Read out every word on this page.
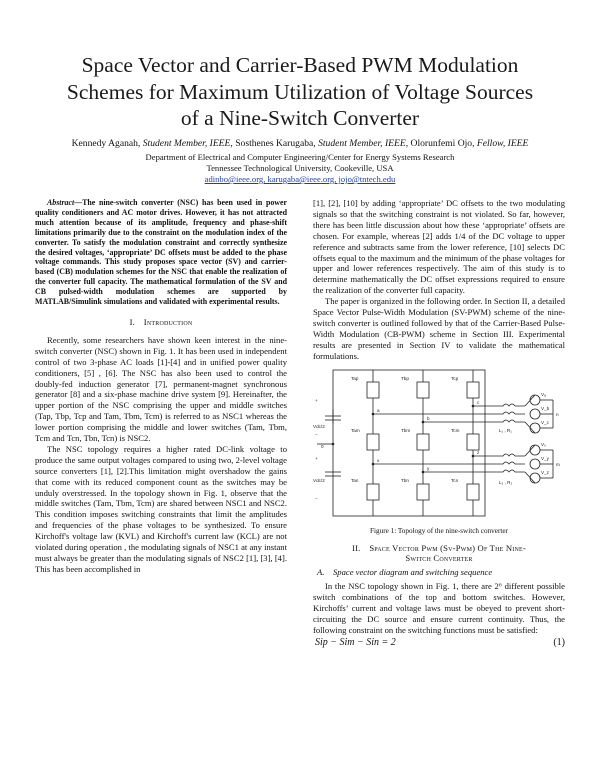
Space Vector and Carrier-Based PWM Modulation
Schemes for Maximum Utilization of Voltage Sources
of a Nine-Switch Converter
Kennedy Aganah, Student Member, IEEE, Sosthenes Karugaba, Student Member, IEEE, Olorunfemi Ojo, Fellow, IEEE
Department of Electrical and Computer Engineering/Center for Energy Systems Research
Tennessee Technological University, Cookeville, USA
adinbo@ieee.org, karugaba@ieee.org, jojo@tntech.edu

Abstract—The nine-switch converter (NSC) has been used in power quality conditioners and AC motor drives. However, it has not attracted much attention because of its amplitude, frequency and phase-shift limitations primarily due to the constraint on the modulation index of the converter. To satisfy the modulation constraint and correctly synthesize the desired voltages, ‘appropriate’ DC offsets must be added to the phase voltage commands. This study proposes space vector (SV) and carrier-based (CB) modulation schemes for the NSC that enable the realization of the converter full capacity. The mathematical formulation of the SV and CB pulsed-width modulation schemes are supported by MATLAB/Simulink simulations and validated with experimental results.

I. Introduction

Recently, some researchers have shown keen interest in the nine-switch converter (NSC) shown in Fig. 1. It has been used in independent control of two 3-phase AC loads [1]-[4] and in unified power quality conditioners, [5] , [6]. The NSC has also been used to control the doubly-fed induction generator [7], permanent-magnet synchronous generator [8] and a six-phase machine drive system [9]. Hereinafter, the upper portion of the NSC comprising the upper and middle switches (Tap, Tbp, Tcp and Tam, Tbm, Tcm) is referred to as NSC1 whereas the lower portion comprising the middle and lower switches (Tam, Tbm, Tcm and Tcn, Tbn, Tcn) is NSC2.

The NSC topology requires a higher rated DC-link voltage to produce the same output voltages compared to using two, 2-level voltage source converters [1], [2].This limitation might overshadow the gains that come with its reduced component count as the switches may be unduly overstressed. In the topology shown in Fig. 1, observe that the middle switches (Tam, Tbm, Tcm) are shared between NSC1 and NSC2. This condition imposes switching constraints that limit the amplitudes and frequencies of the phase voltages to be synthesized. To ensure Kirchoff's voltage law (KVL) and Kirchoff's current law (KCL) are not violated during operation , the modulating signals of NSC1 at any instant must always be greater than the modulating signals of NSC2 [1], [3], [4]. This has been accomplished in

[1], [2], [10] by adding ‘appropriate’ DC offsets to the two modulating signals so that the switching constraint is not violated. So far, however, there has been little discussion about how these ‘appropriate’ offsets are chosen. For example, whereas [2] adds 1/4 of the DC voltage to upper reference and subtracts same from the lower reference, [10] selects DC offsets equal to the maximum and the minimum of the phase voltages for upper and lower references respectively. The aim of this study is to determine mathematically the DC offset expressions required to ensure the realization of the converter full capacity.

The paper is organized in the following order. In Section II, a detailed Space Vector Pulse-Width Modulation (SV-PWM) scheme of the nine-switch converter is outlined followed by that of the Carrier-Based Pulse-Width Modulation (CB-PWM) scheme in Section III. Experimental results are presented in Section IV to validate the mathematical formulations.

+
Vdc/2
−
0
+
Vdc/2
−
Tap	Tbp	Tcp
Tam	Tbm	Tcm
Tan	Tbn	Tcn
a
b
c
x
y
z
L₁ , R₁
L₂ , R₂
Vₐ
V_b
V_c
Vₓ
V_y
V_z
n
m
Figure 1: Topology of the nine-switch converter
II. Space Vector Pwm (Sv-Pwm) Of The Nine-
Switch Converter
A. Space vector diagram and switching sequence

In the NSC topology shown in Fig. 1, there are 2⁶ different possible switch combinations of the top and bottom switches. However, Kirchoffs’ current and voltage laws must be obeyed to prevent short-circuiting the DC source and ensure current continuity. Thus, the following constraint on the switching functions must be satisfied:

Sip − Sim − Sin = 2	(1)
